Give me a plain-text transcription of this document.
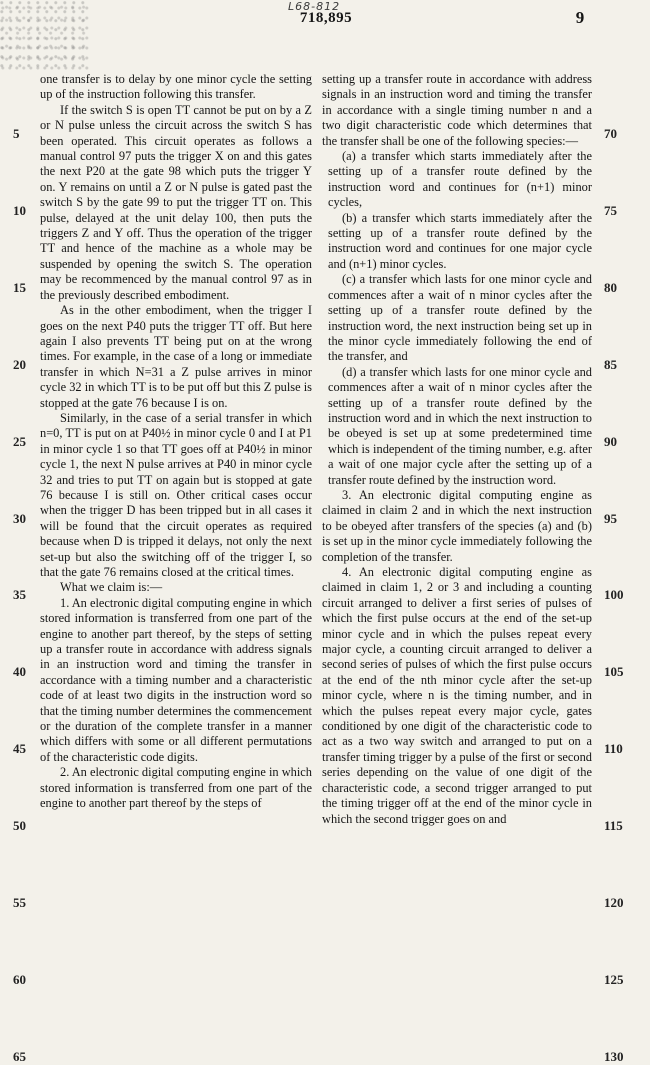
L68-812
718,895	9

one transfer is to delay by one minor cycle the setting up of the instruction following this transfer.

If the switch S is open TT cannot be put on by a Z or N pulse unless the circuit across the switch S has been operated. This circuit operates as follows a manual control 97 puts the trigger X on and this gates the next P20 at the gate 98 which puts the trigger Y on. Y remains on until a Z or N pulse is gated past the switch S by the gate 99 to put the trigger TT on. This pulse, delayed at the unit delay 100, then puts the triggers Z and Y off. Thus the operation of the trigger TT and hence of the machine as a whole may be suspended by opening the switch S. The operation may be recommenced by the manual control 97 as in the previously described embodiment.

As in the other embodiment, when the trigger I goes on the next P40 puts the trigger TT off. But here again I also prevents TT being put on at the wrong times. For example, in the case of a long or immediate transfer in which N=31 a Z pulse arrives in minor cycle 32 in which TT is to be put off but this Z pulse is stopped at the gate 76 because I is on.

Similarly, in the case of a serial transfer in which n=0, TT is put on at P40½ in minor cycle 0 and I at P1 in minor cycle 1 so that TT goes off at P40½ in minor cycle 1, the next N pulse arrives at P40 in minor cycle 32 and tries to put TT on again but is stopped at gate 76 because I is still on. Other critical cases occur when the trigger D has been tripped but in all cases it will be found that the circuit operates as required because when D is tripped it delays, not only the next set-up but also the switching off of the trigger I, so that the gate 76 remains closed at the critical times.

What we claim is:—

1. An electronic digital computing engine in which stored information is transferred from one part of the engine to another part thereof, by the steps of setting up a transfer route in accordance with address signals in an instruction word and timing the transfer in accordance with a timing number and a characteristic code of at least two digits in the instruction word so that the timing number determines the commencement or the duration of the complete transfer in a manner which differs with some or all different permutations of the characteristic code digits.

2. An electronic digital computing engine in which stored information is transferred from one part of the engine to another part thereof by the steps of

setting up a transfer route in accordance with address signals in an instruction word and timing the transfer in accordance with a single timing number n and a two digit characteristic code which determines that the transfer shall be one of the following species:—

(a) a transfer which starts immediately after the setting up of a transfer route defined by the instruction word and continues for (n+1) minor cycles,

(b) a transfer which starts immediately after the setting up of a transfer route defined by the instruction word and continues for one major cycle and (n+1) minor cycles.

(c) a transfer which lasts for one minor cycle and commences after a wait of n minor cycles after the setting up of a transfer route defined by the instruction word, the next instruction being set up in the minor cycle immediately following the end of the transfer, and

(d) a transfer which lasts for one minor cycle and commences after a wait of n minor cycles after the setting up of a transfer route defined by the instruction word and in which the next instruction to be obeyed is set up at some predetermined time which is independent of the timing number, e.g. after a wait of one major cycle after the setting up of a transfer route defined by the instruction word.

3. An electronic digital computing engine as claimed in claim 2 and in which the next instruction to be obeyed after transfers of the species (a) and (b) is set up in the minor cycle immediately following the completion of the transfer.

4. An electronic digital computing engine as claimed in claim 1, 2 or 3 and including a counting circuit arranged to deliver a first series of pulses of which the first pulse occurs at the end of the set-up minor cycle and in which the pulses repeat every major cycle, a counting circuit arranged to deliver a second series of pulses of which the first pulse occurs at the end of the nth minor cycle after the set-up minor cycle, where n is the timing number, and in which the pulses repeat every major cycle, gates conditioned by one digit of the characteristic code to act as a two way switch and arranged to put on a transfer timing trigger by a pulse of the first or second series depending on the value of one digit of the characteristic code, a second trigger arranged to put the timing trigger off at the end of the minor cycle in which the second trigger goes on and

5
10
15
20
25
30
35
40
45
50
55
60
65
70
75
80
85
90
95
100
105
110
115
120
125
130
